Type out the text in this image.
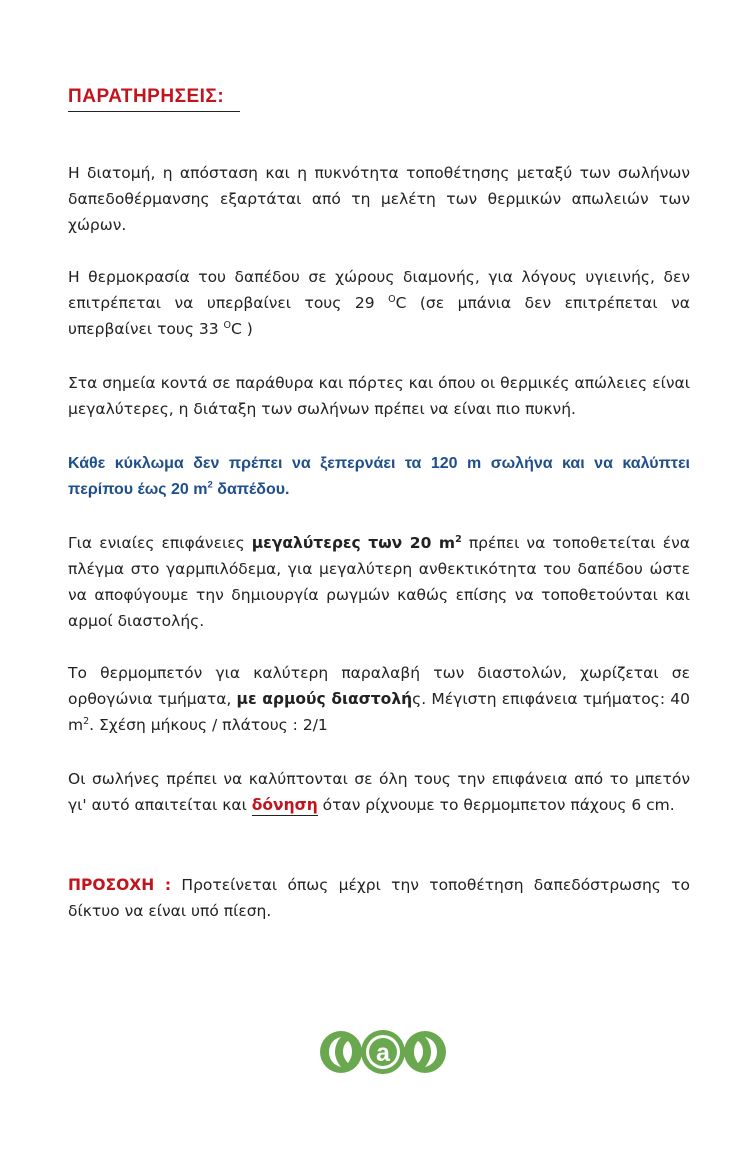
ΠΑΡΑΤΗΡΗΣΕΙΣ:
Η διατομή, η απόσταση και η πυκνότητα τοποθέτησης μεταξύ των σωλήνων δαπεδοθέρμανσης εξαρτάται από τη μελέτη των θερμικών απωλειών των χώρων.
Η θερμοκρασία του δαπέδου σε χώρους διαμονής, για λόγους υγιεινής, δεν επιτρέπεται να υπερβαίνει τους 29 $^O$C (σε μπάνια δεν επιτρέπεται να υπερβαίνει τους 33 $^O$C )
Στα σημεία κοντά σε παράθυρα και πόρτες και όπου οι θερμικές απώλειες είναι μεγαλύτερες, η διάταξη των σωλήνων πρέπει να είναι πιο πυκνή.
Κάθε κύκλωμα δεν πρέπει να ξεπερνάει τα 120 m σωλήνα και να καλύπτει περίπου έως 20 $m^2$ δαπέδου.
Για ενιαίες επιφάνειες μεγαλύτερες των 20 $m^2$ πρέπει να τοποθετείται ένα πλέγμα στο γαρμπιλόδεμα, για μεγαλύτερη ανθεκτικότητα του δαπέδου ώστε να αποφύγουμε την δημιουργία ρωγμών καθώς επίσης να τοποθετούνται και αρμοί διαστολής.
Το θερμομπετόν για καλύτερη παραλαβή των διαστολών, χωρίζεται σε ορθογώνια τμήματα, με αρμούς διαστολής. Μέγιστη επιφάνεια τμήματος: 40 $m^2$. Σχέση μήκους / πλάτους : 2/1
Οι σωλήνες πρέπει να καλύπτονται σε όλη τους την επιφάνεια από το μπετόν γι' αυτό απαιτείται και δόνηση όταν ρίχνουμε το θερμομπετον πάχους 6 cm.
ΠΡΟΣΟΧΗ : Προτείνεται όπως μέχρι την τοποθέτηση δαπεδόστρωσης το δίκτυο να είναι υπό πίεση.
a
